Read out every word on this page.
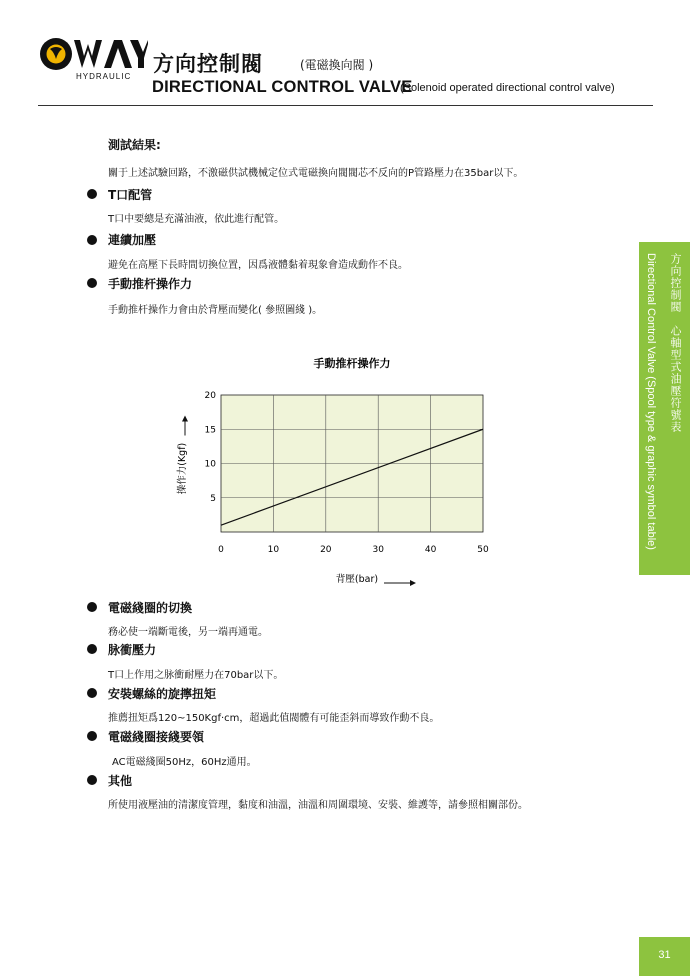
HYDRAULIC
方向控制閥	(電磁換向閥 )
DIRECTIONAL CONTROL VALVE
(Solenoid operated directional control valve)
測試結果:
關于上述試驗回路，不激磁供試機械定位式電磁換向閥閥芯不反向的P管路壓力在35bar以下。
T口配管
T口中要總是充滿油液，依此進行配管。
連續加壓
避免在高壓下長時間切換位置，因爲液體黏着現象會造成動作不良。
手動推杆操作力
手動推杆操作力會由於背壓而變化( 參照圖綫 )。
手動推杆操作力
0	10	20	30	40	50
5
10
15
20
操作力(Kgf)
背壓(bar)
電磁綫圈的切換
務必使一端斷電後，另一端再通電。
脉衝壓力
T口上作用之脉衝耐壓力在70bar以下。
安裝螺絲的旋擰扭矩
推薦扭矩爲120~150Kgf·cm，超過此值閥體有可能歪斜而導致作動不良。
電磁綫圈接綫要領
AC電磁綫圈50Hz，60Hz通用。
其他
所使用液壓油的清潔度管理，黏度和油溫，油溫和周圍環境、安裝、維護等，請參照相關部份。
方向控制閥　心軸型式油壓符號表
Directional Control Valve (Spool type & graphic symbol table)
31
